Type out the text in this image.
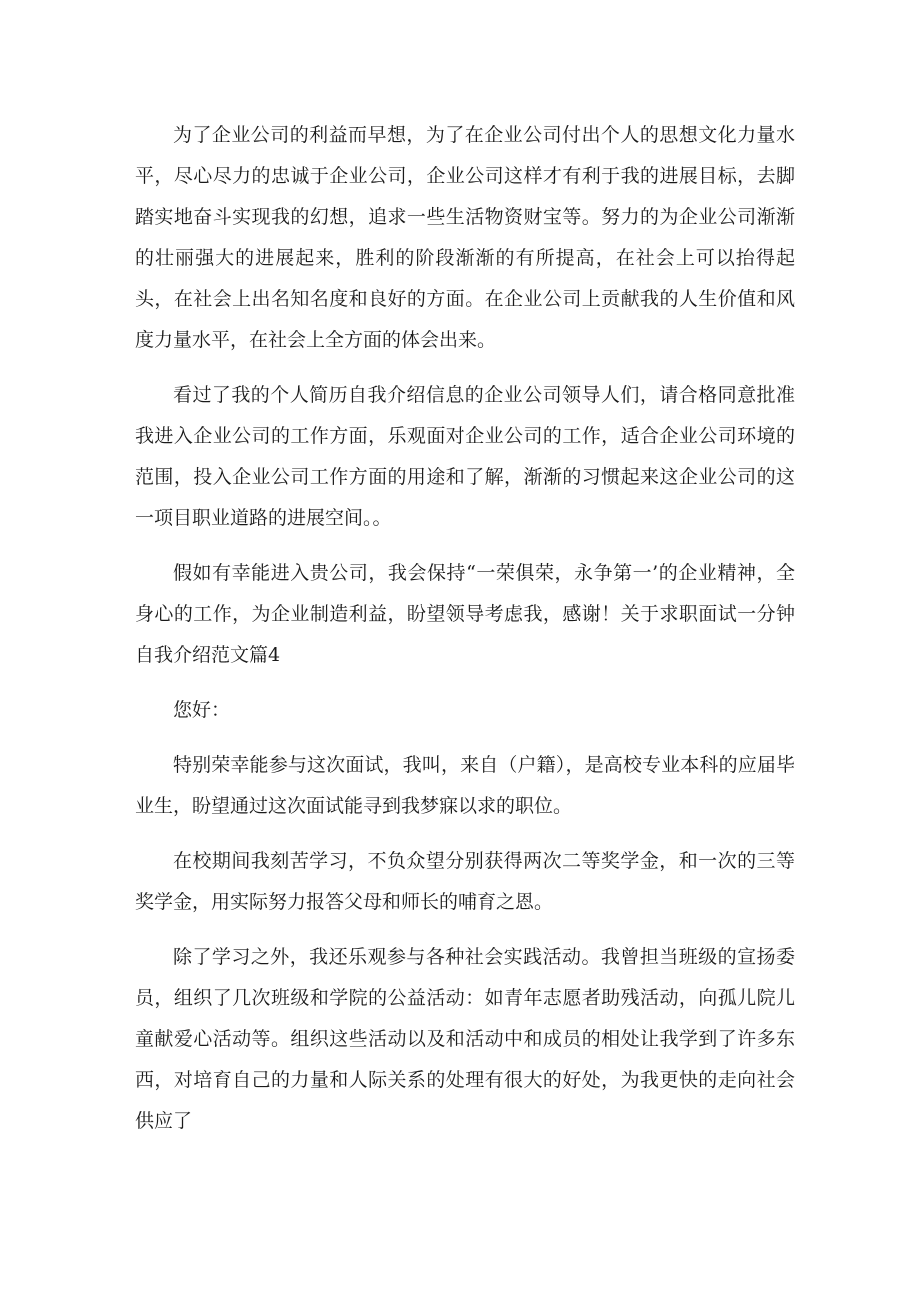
为了企业公司的利益而早想，为了在企业公司付出个人的思想文化力量水平，尽心尽力的忠诚于企业公司，企业公司这样才有利于我的进展目标，去脚踏实地奋斗实现我的幻想，追求一些生活物资财宝等。努力的为企业公司渐渐的壮丽强大的进展起来，胜利的阶段渐渐的有所提高，在社会上可以抬得起头，在社会上出名知名度和良好的方面。在企业公司上贡献我的人生价值和风度力量水平，在社会上全方面的体会出来。

看过了我的个人简历自我介绍信息的企业公司领导人们，请合格同意批准我进入企业公司的工作方面，乐观面对企业公司的工作，适合企业公司环境的范围，投入企业公司工作方面的用途和了解，渐渐的习惯起来这企业公司的这一项目职业道路的进展空间。。

假如有幸能进入贵公司，我会保持“一荣俱荣，永争第一’的企业精神，全身心的工作，为企业制造利益，盼望领导考虑我，感谢！关于求职面试一分钟自我介绍范文篇4

您好：

特别荣幸能参与这次面试，我叫，来自（户籍），是高校专业本科的应届毕业生，盼望通过这次面试能寻到我梦寐以求的职位。

在校期间我刻苦学习，不负众望分别获得两次二等奖学金，和一次的三等奖学金，用实际努力报答父母和师长的哺育之恩。

除了学习之外，我还乐观参与各种社会实践活动。我曾担当班级的宣扬委员，组织了几次班级和学院的公益活动：如青年志愿者助残活动，向孤儿院儿童献爱心活动等。组织这些活动以及和活动中和成员的相处让我学到了许多东西，对培育自己的力量和人际关系的处理有很大的好处，为我更快的走向社会供应了
